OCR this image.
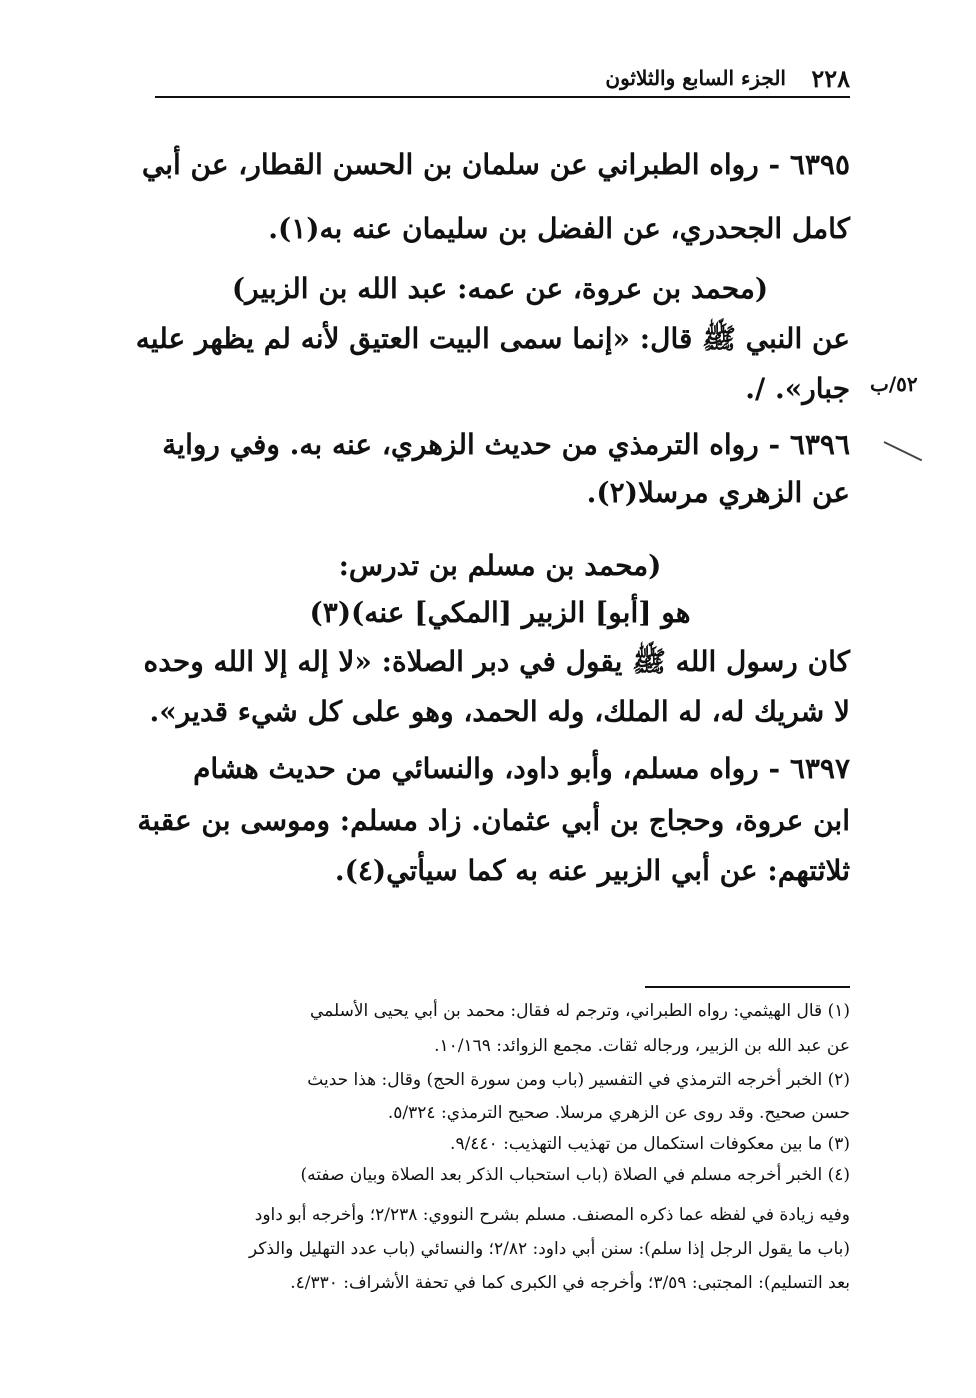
٢٢٨
الجزء السابع والثلاثون
٦٣٩٥ - رواه الطبراني عن سلمان بن الحسن القطار، عن أبي
كامل الجحدري، عن الفضل بن سليمان عنه به(١).
(محمد بن عروة، عن عمه: عبد الله بن الزبير)
عن النبي ﷺ قال: «إنما سمى البيت العتيق لأنه لم يظهر عليه
جبار». /.
٦٣٩٦ - رواه الترمذي من حديث الزهري، عنه به. وفي رواية
عن الزهري مرسلا(٢).
(محمد بن مسلم بن تدرس:
هو [أبو] الزبير [المكي] عنه)(٣)
كان رسول الله ﷺ يقول في دبر الصلاة: «لا إله إلا الله وحده
لا شريك له، له الملك، وله الحمد، وهو على كل شيء قدير».
٦٣٩٧ - رواه مسلم، وأبو داود، والنسائي من حديث هشام
ابن عروة، وحجاج بن أبي عثمان. زاد مسلم: وموسى بن عقبة
ثلاثتهم: عن أبي الزبير عنه به كما سيأتي(٤).
٥٢/ب
(١) قال الهيثمي: رواه الطبراني، وترجم له فقال: محمد بن أبي يحيى الأسلمي
عن عبد الله بن الزبير، ورجاله ثقات. مجمع الزوائد: ١٠/١٦٩.
(٢) الخبر أخرجه الترمذي في التفسير (باب ومن سورة الحج) وقال: هذا حديث
حسن صحيح. وقد روى عن الزهري مرسلا. صحيح الترمذي: ٥/٣٢٤.
(٣) ما بين معكوفات استكمال من تهذيب التهذيب: ٩/٤٤٠.
(٤) الخبر أخرجه مسلم في الصلاة (باب استحباب الذكر بعد الصلاة وبيان صفته)
وفيه زيادة في لفظه عما ذكره المصنف. مسلم بشرح النووي: ٢/٢٣٨؛ وأخرجه أبو داود
(باب ما يقول الرجل إذا سلم): سنن أبي داود: ٢/٨٢؛ والنسائي (باب عدد التهليل والذكر
بعد التسليم): المجتبى: ٣/٥٩؛ وأخرجه في الكبرى كما في تحفة الأشراف: ٤/٣٣٠.
